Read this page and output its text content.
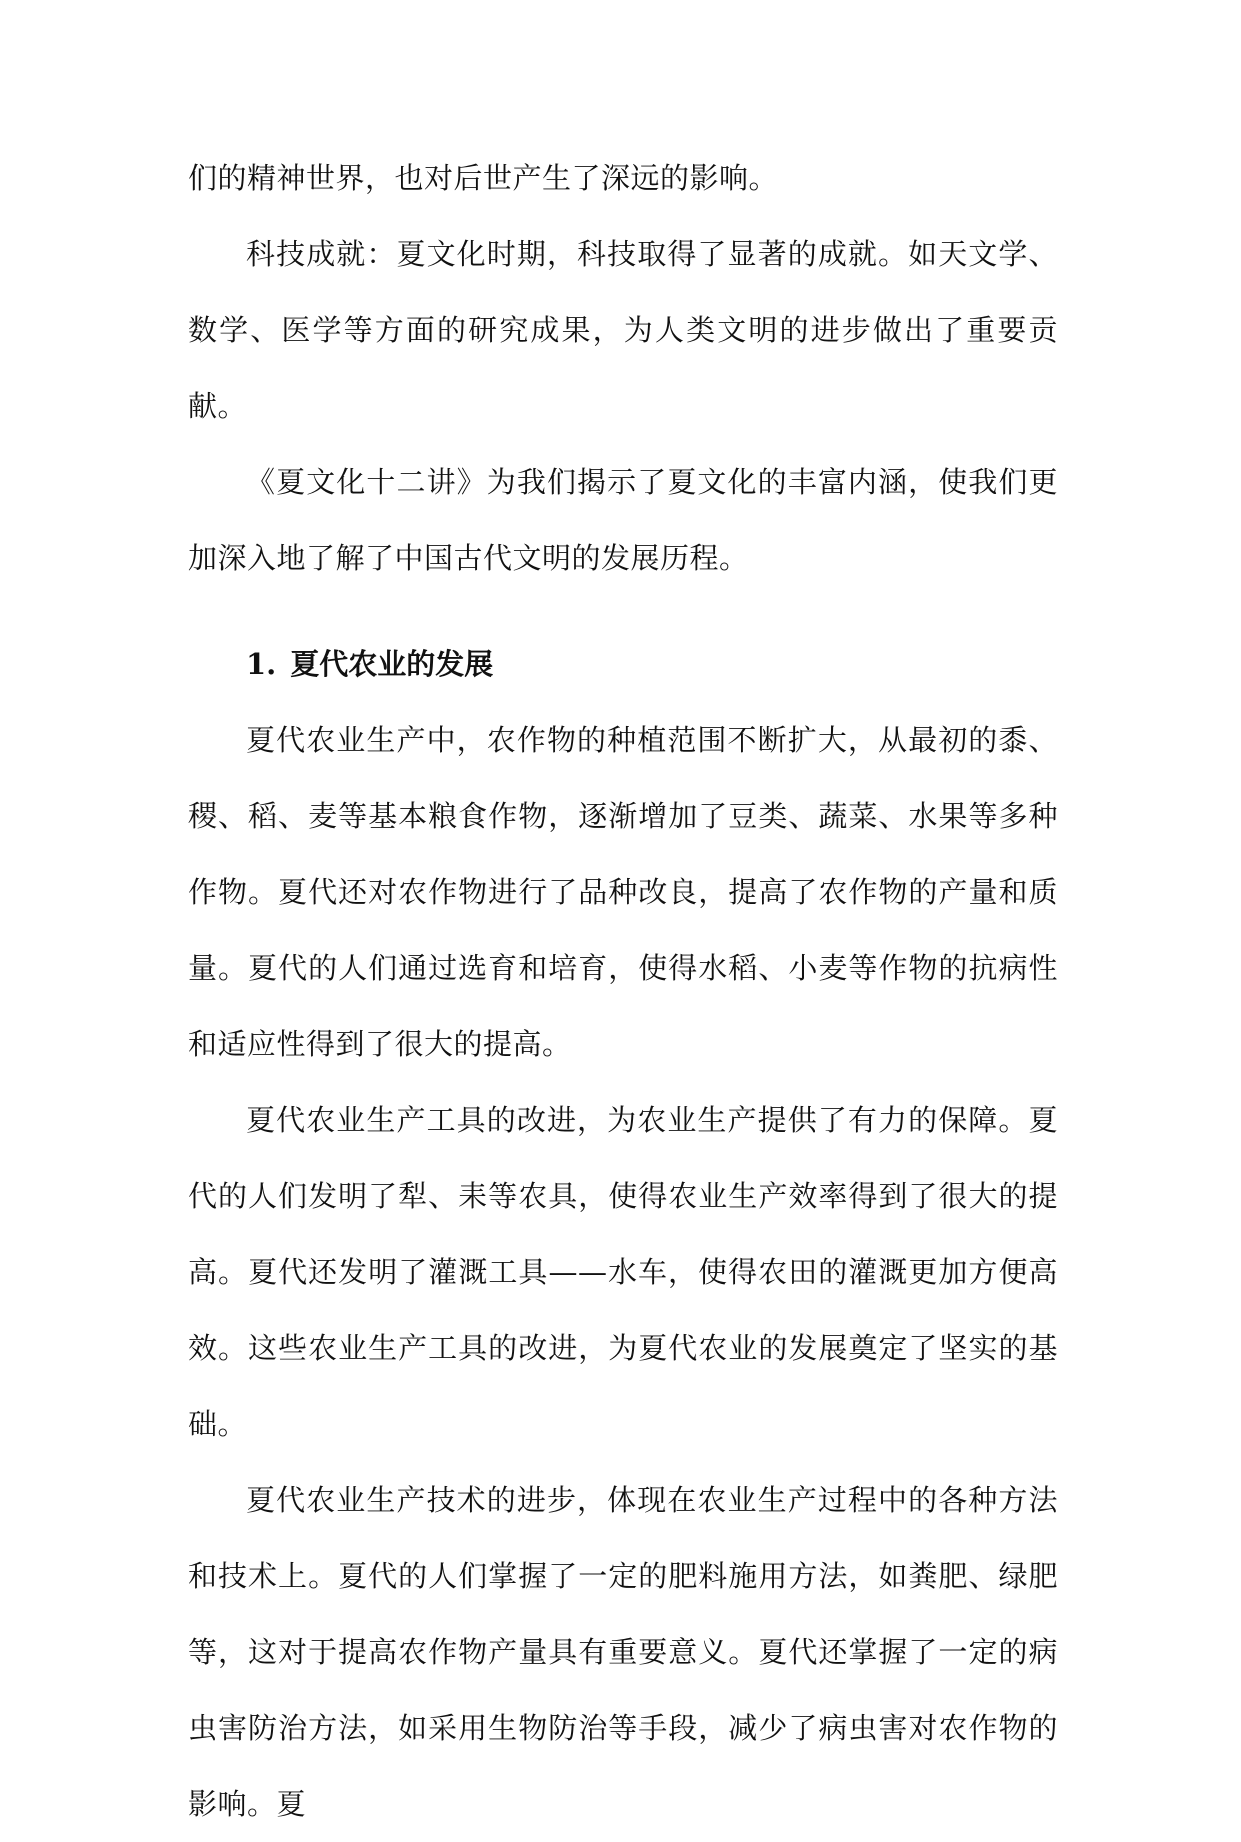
们的精神世界，也对后世产生了深远的影响。

科技成就：夏文化时期，科技取得了显著的成就。如天文学、数学、医学等方面的研究成果，为人类文明的进步做出了重要贡献。

《夏文化十二讲》为我们揭示了夏文化的丰富内涵，使我们更加深入地了解了中国古代文明的发展历程。

1. 夏代农业的发展

夏代农业生产中，农作物的种植范围不断扩大，从最初的黍、稷、稻、麦等基本粮食作物，逐渐增加了豆类、蔬菜、水果等多种作物。夏代还对农作物进行了品种改良，提高了农作物的产量和质量。夏代的人们通过选育和培育，使得水稻、小麦等作物的抗病性和适应性得到了很大的提高。

夏代农业生产工具的改进，为农业生产提供了有力的保障。夏代的人们发明了犁、耒等农具，使得农业生产效率得到了很大的提高。夏代还发明了灌溉工具——水车，使得农田的灌溉更加方便高效。这些农业生产工具的改进，为夏代农业的发展奠定了坚实的基础。

夏代农业生产技术的进步，体现在农业生产过程中的各种方法和技术上。夏代的人们掌握了一定的肥料施用方法，如粪肥、绿肥等，这对于提高农作物产量具有重要意义。夏代还掌握了一定的病虫害防治方法，如采用生物防治等手段，减少了病虫害对农作物的影响。夏
